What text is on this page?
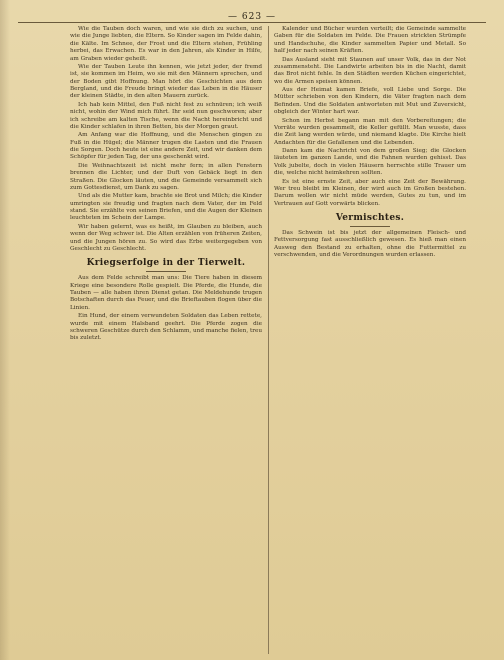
— 623 —

Wie die Tauben doch waren, und wie sie dich zu suchen, und wie die Junge liebten, die Eltern. So Kinder sagen im Felde dahin, die Kälte. Im Schnee, der Frost und die Eltern stehen, Frühling herbei, das Erwachen. Es war in den Jahren, als Kinder in Hilfe, am Graben wieder geheilt.

Wie der Tauben Leute ihn kennen, wie jetzt jeder, der fremd ist, sie kommen im Heim, wo sie mit den Männern sprechen, und der Boden gibt Hoffnung. Man hört die Geschichten aus dem Bergland, und die Freude bringt wieder das Leben in die Häuser der kleinen Städte, in den alten Mauern zurück.

Ich hab kein Mittel, den Fuß nicht fest zu schnüren; ich weiß nicht, wohin der Wind mich führt. Ihr seid nun geschworen; aber ich schreibe am kalten Tische, wenn die Nacht hereinbricht und die Kinder schlafen in ihren Betten, bis der Morgen graut.

Am Anfang war die Hoffnung, und die Menschen gingen zu Fuß in die Hügel; die Männer trugen die Lasten und die Frauen die Sorgen. Doch heute ist eine andere Zeit, und wir danken dem Schöpfer für jeden Tag, der uns geschenkt wird.

Die Weihnachtszeit ist nicht mehr fern; in allen Fenstern brennen die Lichter, und der Duft von Gebäck liegt in den Straßen. Die Glocken läuten, und die Gemeinde versammelt sich zum Gottesdienst, um Dank zu sagen.

Und als die Mutter kam, brachte sie Brot und Milch; die Kinder umringten sie freudig und fragten nach dem Vater, der im Feld stand. Sie erzählte von seinen Briefen, und die Augen der Kleinen leuchteten im Schein der Lampe.

Wir haben gelernt, was es heißt, im Glauben zu bleiben, auch wenn der Weg schwer ist. Die Alten erzählen von früheren Zeiten, und die Jungen hören zu. So wird das Erbe weitergegeben von Geschlecht zu Geschlecht.

Kriegserfolge in der Tierwelt.

Aus dem Felde schreibt man uns: Die Tiere haben in diesem Kriege eine besondere Rolle gespielt. Die Pferde, die Hunde, die Tauben — alle haben ihren Dienst getan. Die Meldehunde trugen Botschaften durch das Feuer, und die Brieftauben flogen über die Linien.

Ein Hund, der einem verwundeten Soldaten das Leben rettete, wurde mit einem Halsband geehrt. Die Pferde zogen die schweren Geschütze durch den Schlamm, und manche fielen, treu bis zuletzt.

Kalender und Bücher wurden verteilt; die Gemeinde sammelte Gaben für die Soldaten im Felde. Die Frauen strickten Strümpfe und Handschuhe, die Kinder sammelten Papier und Metall. So half jeder nach seinen Kräften.

Das Ausland sieht mit Staunen auf unser Volk, das in der Not zusammensteht. Die Landwirte arbeiten bis in die Nacht, damit das Brot nicht fehle. In den Städten werden Küchen eingerichtet, wo die Armen speisen können.

Aus der Heimat kamen Briefe, voll Liebe und Sorge. Die Mütter schrieben von den Kindern, die Väter fragten nach dem Befinden. Und die Soldaten antworteten mit Mut und Zuversicht, obgleich der Winter hart war.

Schon im Herbst begann man mit den Vorbereitungen; die Vorräte wurden gesammelt, die Keller gefüllt. Man wusste, dass die Zeit lang werden würde, und niemand klagte. Die Kirche hielt Andachten für die Gefallenen und die Lebenden.

Dann kam die Nachricht von dem großen Sieg; die Glocken läuteten im ganzen Lande, und die Fahnen wurden gehisst. Das Volk jubelte, doch in vielen Häusern herrschte stille Trauer um die, welche nicht heimkehren sollten.

Es ist eine ernste Zeit, aber auch eine Zeit der Bewährung. Wer treu bleibt im Kleinen, der wird auch im Großen bestehen. Darum wollen wir nicht müde werden, Gutes zu tun, und im Vertrauen auf Gott vorwärts blicken.

Vermischtes.

Das Schwein ist bis jetzt der allgemeinen Fleisch- und Fettversorgung fast ausschließlich gewesen. Es hieß man einen Ausweg den Bestand zu erhalten, ohne die Futtermittel zu verschwenden, und die Verordnungen wurden erlassen.
